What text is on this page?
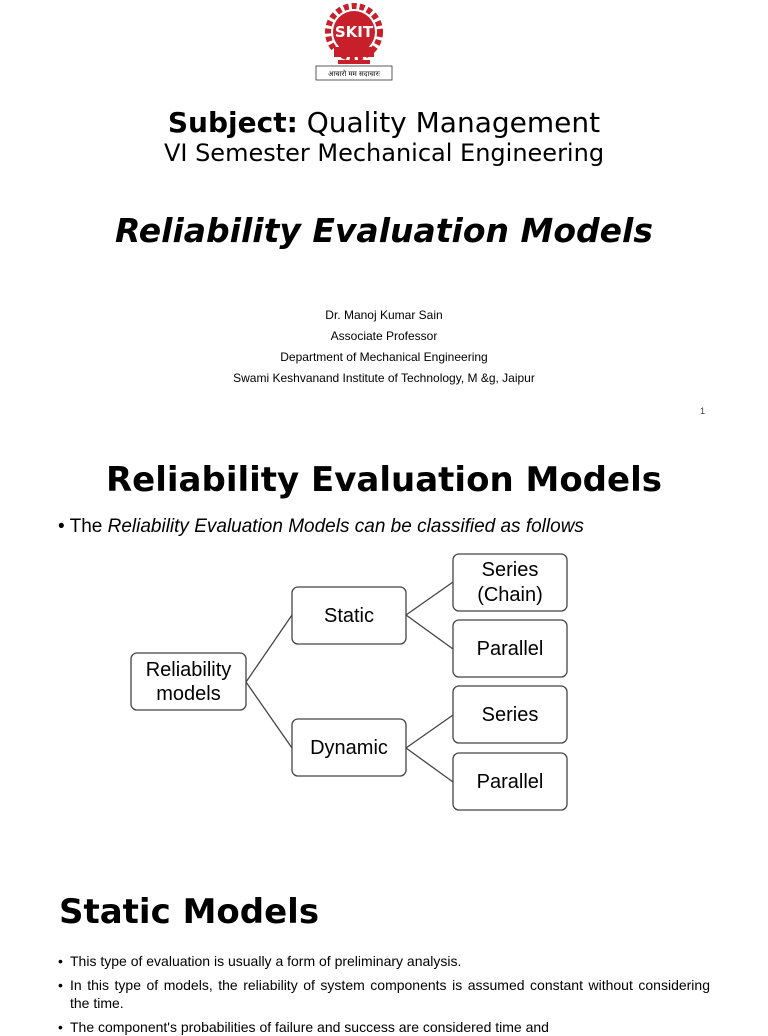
SKIT
आचारो मम सदाचारः
Subject: Quality Management
VI Semester Mechanical Engineering
Reliability Evaluation Models
Dr. Manoj Kumar Sain
Associate Professor
Department of Mechanical Engineering
Swami Keshvanand Institute of Technology, M &g, Jaipur
1
Reliability Evaluation Models
• The Reliability Evaluation Models can be classified as follows
Reliability
models
Static
Dynamic
Series
(Chain)
Parallel
Series
Parallel
Static Models
• This type of evaluation is usually a form of preliminary analysis.
• In this type of models, the reliability of system components is assumed constant without considering the time.
• The component's probabilities of failure and success are considered time and
